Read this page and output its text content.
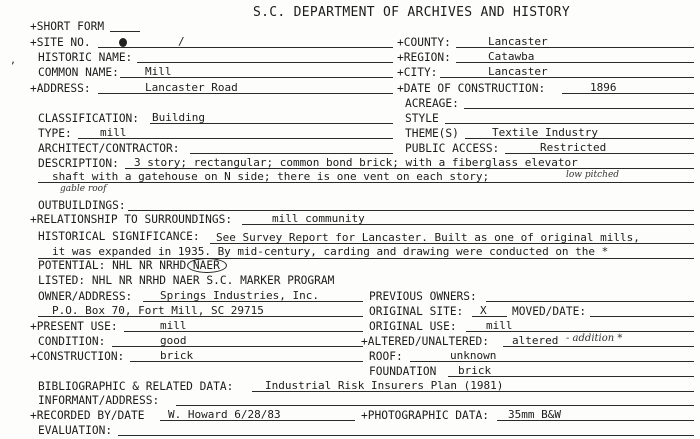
S.C. DEPARTMENT OF ARCHIVES AND HISTORY
,
+SHORT FORM
+SITE NO.	/	+COUNTY:	Lancaster
HISTORIC NAME:	+REGION:	Catawba
COMMON NAME: Mill	+CITY:	Lancaster
+ADDRESS:	Lancaster Road	+DATE OF CONSTRUCTION:	1896
ACREAGE:
CLASSIFICATION: Building	STYLE
TYPE:	mill	THEME(S)	Textile Industry
ARCHITECT/CONTRACTOR:	PUBLIC ACCESS:	Restricted
DESCRIPTION: 3 story; rectangular; common bond brick; with a fiberglass elevator
shaft with a gatehouse on N side; there is one vent on each story;	low pitched
gable roof
OUTBUILDINGS:
+RELATIONSHIP TO SURROUNDINGS:	mill community
HISTORICAL SIGNIFICANCE: See Survey Report for Lancaster. Built as one of original mills,
it was expanded in 1935. By mid-century, carding and drawing were conducted on the *
POTENTIAL: NHL NR NRHD NAER
LISTED: NHL NR NRHD NAER S.C. MARKER PROGRAM
OWNER/ADDRESS:	Springs Industries, Inc.	PREVIOUS OWNERS:
P.O. Box 70, Fort Mill, SC 29715	ORIGINAL SITE: X MOVED/DATE:
+PRESENT USE:	mill	ORIGINAL USE:	mill
CONDITION:	good	+ALTERED/UNALTERED: altered - addition *
+CONSTRUCTION:	brick	ROOF:	unknown
FOUNDATION brick
BIBLIOGRAPHIC & RELATED DATA:	Industrial Risk Insurers Plan (1981)
INFORMANT/ADDRESS:
+RECORDED BY/DATE W. Howard 6/28/83	+PHOTOGRAPHIC DATA: 35mm B&W
EVALUATION:
